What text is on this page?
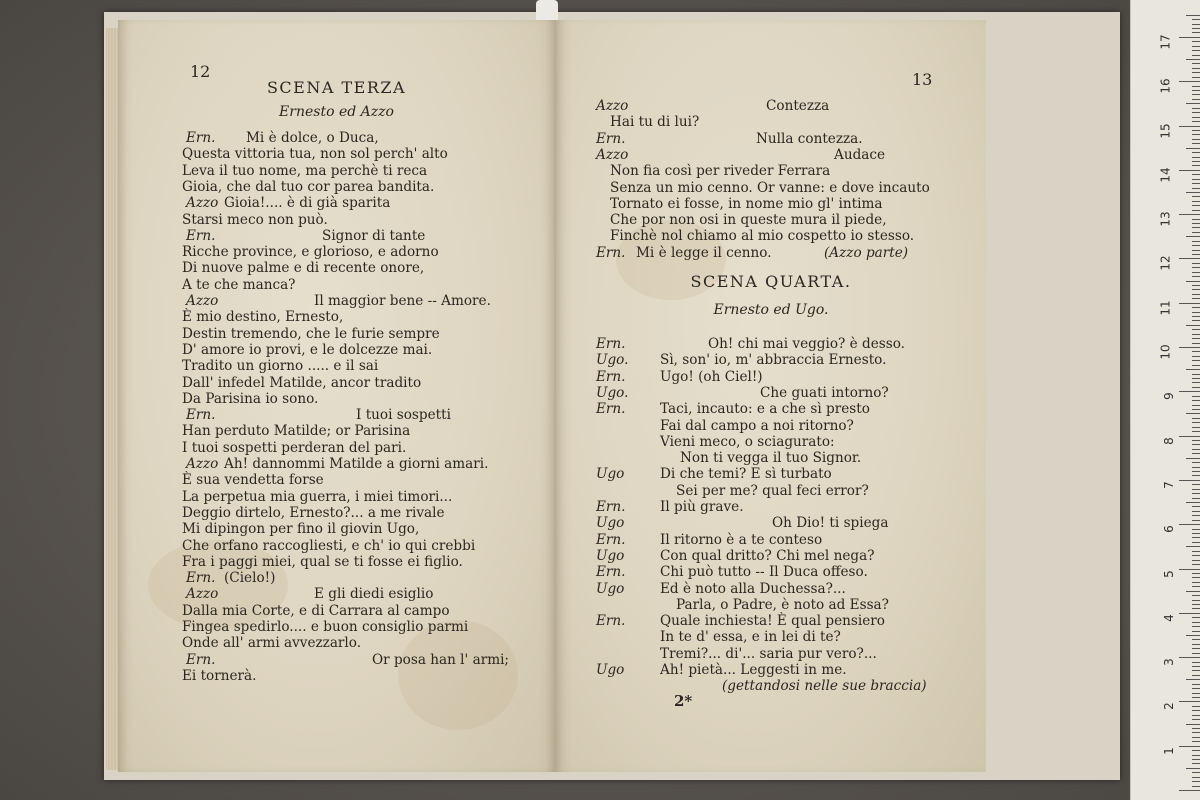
12
SCENA TERZA
Ernesto ed Azzo
Ern. Mi è dolce, o Duca,
Questa vittoria tua, non sol perch' alto
Leva il tuo nome, ma perchè ti reca
Gioia, che dal tuo cor parea bandita.
Azzo Gioia!.... è di già sparita
Starsi meco non può.
Ern.	Signor di tante
Ricche province, e glorioso, e adorno
Di nuove palme e di recente onore,
A te che manca?
Azzo	Il maggior bene -- Amore.
È mio destino, Ernesto,
Destin tremendo, che le furie sempre
D' amore io provi, e le dolcezze mai.
Tradito un giorno ..... e il sai
Dall' infedel Matilde, ancor tradito
Da Parisina io sono.
Ern.	I tuoi sospetti
Han perduto Matilde; or Parisina
I tuoi sospetti perderan del pari.
Azzo Ah! dannommi Matilde a giorni amari.
È sua vendetta forse
La perpetua mia guerra, i miei timori...
Deggio dirtelo, Ernesto?... a me rivale
Mi dipingon per fino il giovin Ugo,
Che orfano raccogliesti, e ch' io qui crebbi
Fra i paggi miei, qual se ti fosse ei figlio.
Ern. (Cielo!)
Azzo	E gli diedi esiglio
Dalla mia Corte, e di Carrara al campo
Fingea spedirlo.... e buon consiglio parmi
Onde all' armi avvezzarlo.
Ern.	Or posa han l' armi;
Ei tornerà.
13
Azzo	Contezza
Hai tu di lui?
Ern.	Nulla contezza.
Azzo	Audace
Non fia così per riveder Ferrara
Senza un mio cenno. Or vanne: e dove incauto
Tornato ei fosse, in nome mio gl' intima
Che por non osi in queste mura il piede,
Finchè nol chiamo al mio cospetto io stesso.
Ern. Mi è legge il cenno.	(Azzo parte)
SCENA QUARTA.
Ernesto ed Ugo.
Ern.	Oh! chi mai veggio? è desso.
Ugo. Sì, son' io, m' abbraccia Ernesto.
Ern.	Ugo! (oh Ciel!)
Ugo.	Che guati intorno?
Ern.	Taci, incauto: e a che sì presto
Fai dal campo a noi ritorno?
Vieni meco, o sciagurato:
Non ti vegga il tuo Signor.
Ugo	Di che temi? E sì turbato
Sei per me? qual feci error?
Ern.	Il più grave.
Ugo	Oh Dio! ti spiega
Ern.	Il ritorno è a te conteso
Ugo	Con qual dritto? Chi mel nega?
Ern.	Chi può tutto -- Il Duca offeso.
Ugo	Ed è noto alla Duchessa?...
Parla, o Padre, è noto ad Essa?
Ern.	Quale inchiesta! È qual pensiero
In te d' essa, e in lei di te?
Tremi?... di'... saria pur vero?...
Ugo	Ah! pietà... Leggesti in me.
(gettandosi nelle sue braccia)
2*
1
2
3
4
5
6
7
8
9
10
11
12
13
14
15
16
17
